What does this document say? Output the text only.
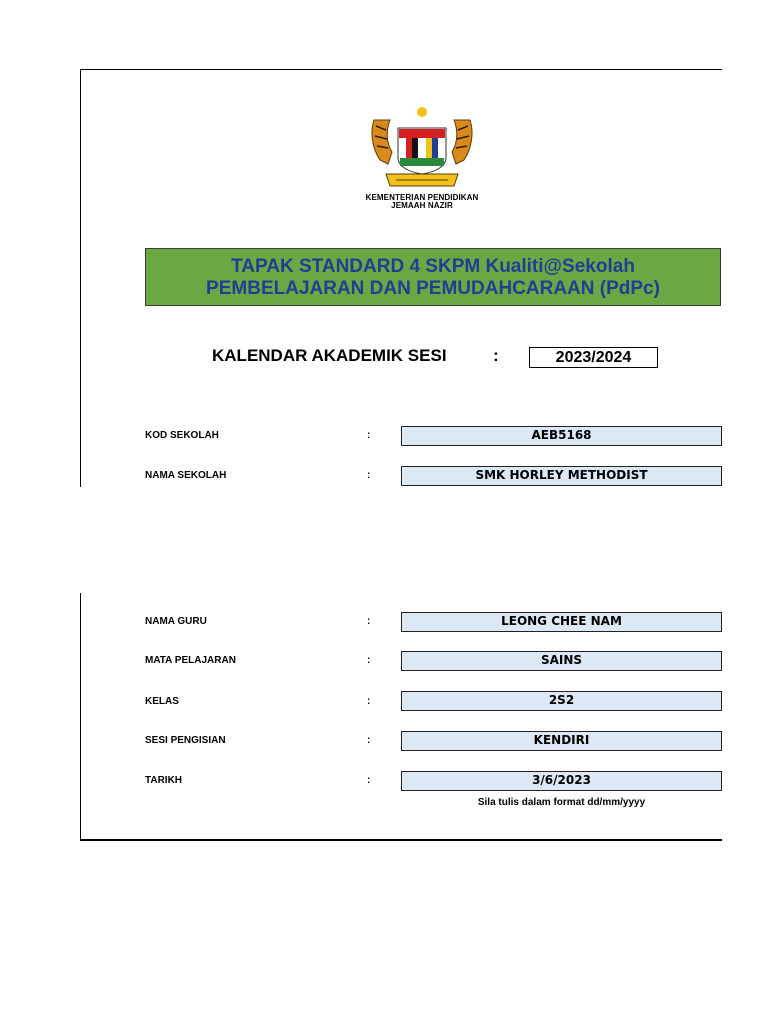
KEMENTERIAN PENDIDIKAN
JEMAAH NAZIR
TAPAK STANDARD 4 SKPM Kualiti@Sekolah
PEMBELAJARAN DAN PEMUDAHCARAAN (PdPc)
KALENDAR AKADEMIK SESI	:	2023/2024
KOD SEKOLAH	:	AEB5168
NAMA SEKOLAH	:	SMK HORLEY METHODIST
NAMA GURU	:	LEONG CHEE NAM
MATA PELAJARAN	:	SAINS
KELAS	:	2S2
SESI PENGISIAN	:	KENDIRI
TARIKH	:	3/6/2023
Sila tulis dalam format dd/mm/yyyy
